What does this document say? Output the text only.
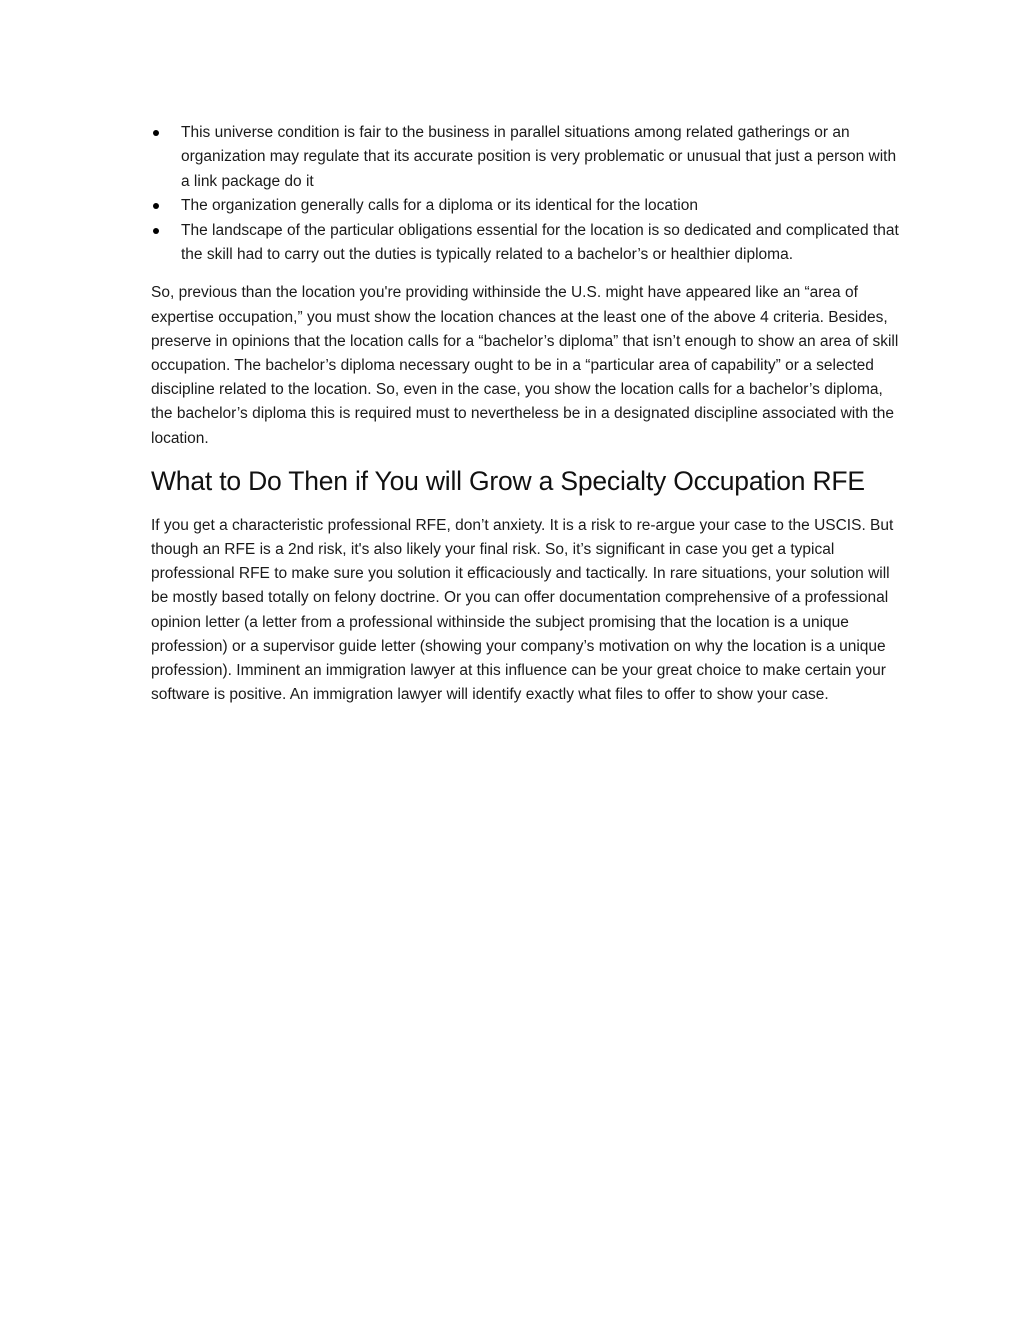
This universe condition is fair to the business in parallel situations among related gatherings or an organization may regulate that its accurate position is very problematic or unusual that just a person with a link package do it
The organization generally calls for a diploma or its identical for the location
The landscape of the particular obligations essential for the location is so dedicated and complicated that the skill had to carry out the duties is typically related to a bachelor’s or healthier diploma.

So, previous than the location you're providing withinside the U.S. might have appeared like an “area of expertise occupation,” you must show the location chances at the least one of the above 4 criteria. Besides, preserve in opinions that the location calls for a “bachelor’s diploma” that isn’t enough to show an area of skill occupation. The bachelor’s diploma necessary ought to be in a “particular area of capability” or a selected discipline related to the location. So, even in the case, you show the location calls for a bachelor’s diploma, the bachelor’s diploma this is required must to nevertheless be in a designated discipline associated with the location.

What to Do Then if You will Grow a Specialty Occupation RFE

If you get a characteristic professional RFE, don’t anxiety. It is a risk to re-argue your case to the USCIS. But though an RFE is a 2nd risk, it's also likely your final risk. So, it’s significant in case you get a typical professional RFE to make sure you solution it efficaciously and tactically. In rare situations, your solution will be mostly based totally on felony doctrine. Or you can offer documentation comprehensive of a professional opinion letter (a letter from a professional withinside the subject promising that the location is a unique profession) or a supervisor guide letter (showing your company’s motivation on why the location is a unique profession). Imminent an immigration lawyer at this influence can be your great choice to make certain your software is positive. An immigration lawyer will identify exactly what files to offer to show your case.
